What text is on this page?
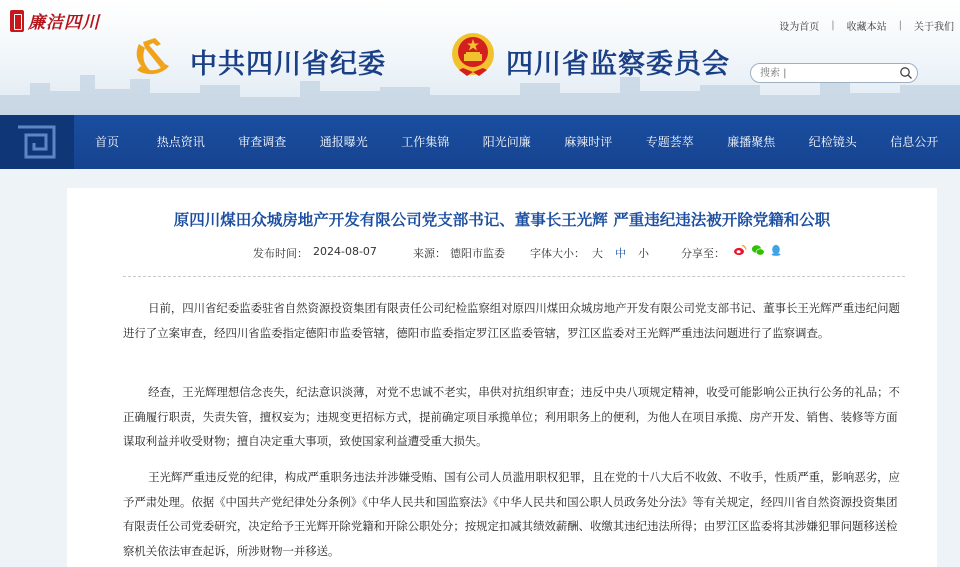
廉洁四川	设为首页 | 收藏本站 | 关于我们
中共四川省纪委	四川省监察委员会
搜索 |
首页	热点资讯	审查调查	通报曝光	工作集锦	阳光问廉	麻辣时评	专题荟萃	廉播聚焦	纪检镜头	信息公开
原四川煤田众城房地产开发有限公司党支部书记、董事长王光辉 严重违纪违法被开除党籍和公职
发布时间： 2024-08-07	来源： 德阳市监委 字体大小： 大 中 小	分享至：

日前，四川省纪委监委驻省自然资源投资集团有限责任公司纪检监察组对原四川煤田众城房地产开发有限公司党支部书记、董事长王光辉严重违纪问题进行了立案审查，经四川省监委指定德阳市监委管辖，德阳市监委指定罗江区监委管辖，罗江区监委对王光辉严重违法问题进行了监察调查。

经查，王光辉理想信念丧失，纪法意识淡薄，对党不忠诚不老实，串供对抗组织审查；违反中央八项规定精神，收受可能影响公正执行公务的礼品；不正确履行职责，失责失管，擅权妄为；违规变更招标方式，提前确定项目承揽单位；利用职务上的便利，为他人在项目承揽、房产开发、销售、装修等方面谋取利益并收受财物；擅自决定重大事项，致使国家利益遭受重大损失。

王光辉严重违反党的纪律，构成严重职务违法并涉嫌受贿、国有公司人员滥用职权犯罪，且在党的十八大后不收敛、不收手，性质严重，影响恶劣，应予严肃处理。依据《中国共产党纪律处分条例》《中华人民共和国监察法》《中华人民共和国公职人员政务处分法》等有关规定，经四川省自然资源投资集团有限责任公司党委研究，决定给予王光辉开除党籍和开除公职处分；按规定扣减其绩效薪酬、收缴其违纪违法所得；由罗江区监委将其涉嫌犯罪问题移送检察机关依法审查起诉，所涉财物一并移送。
